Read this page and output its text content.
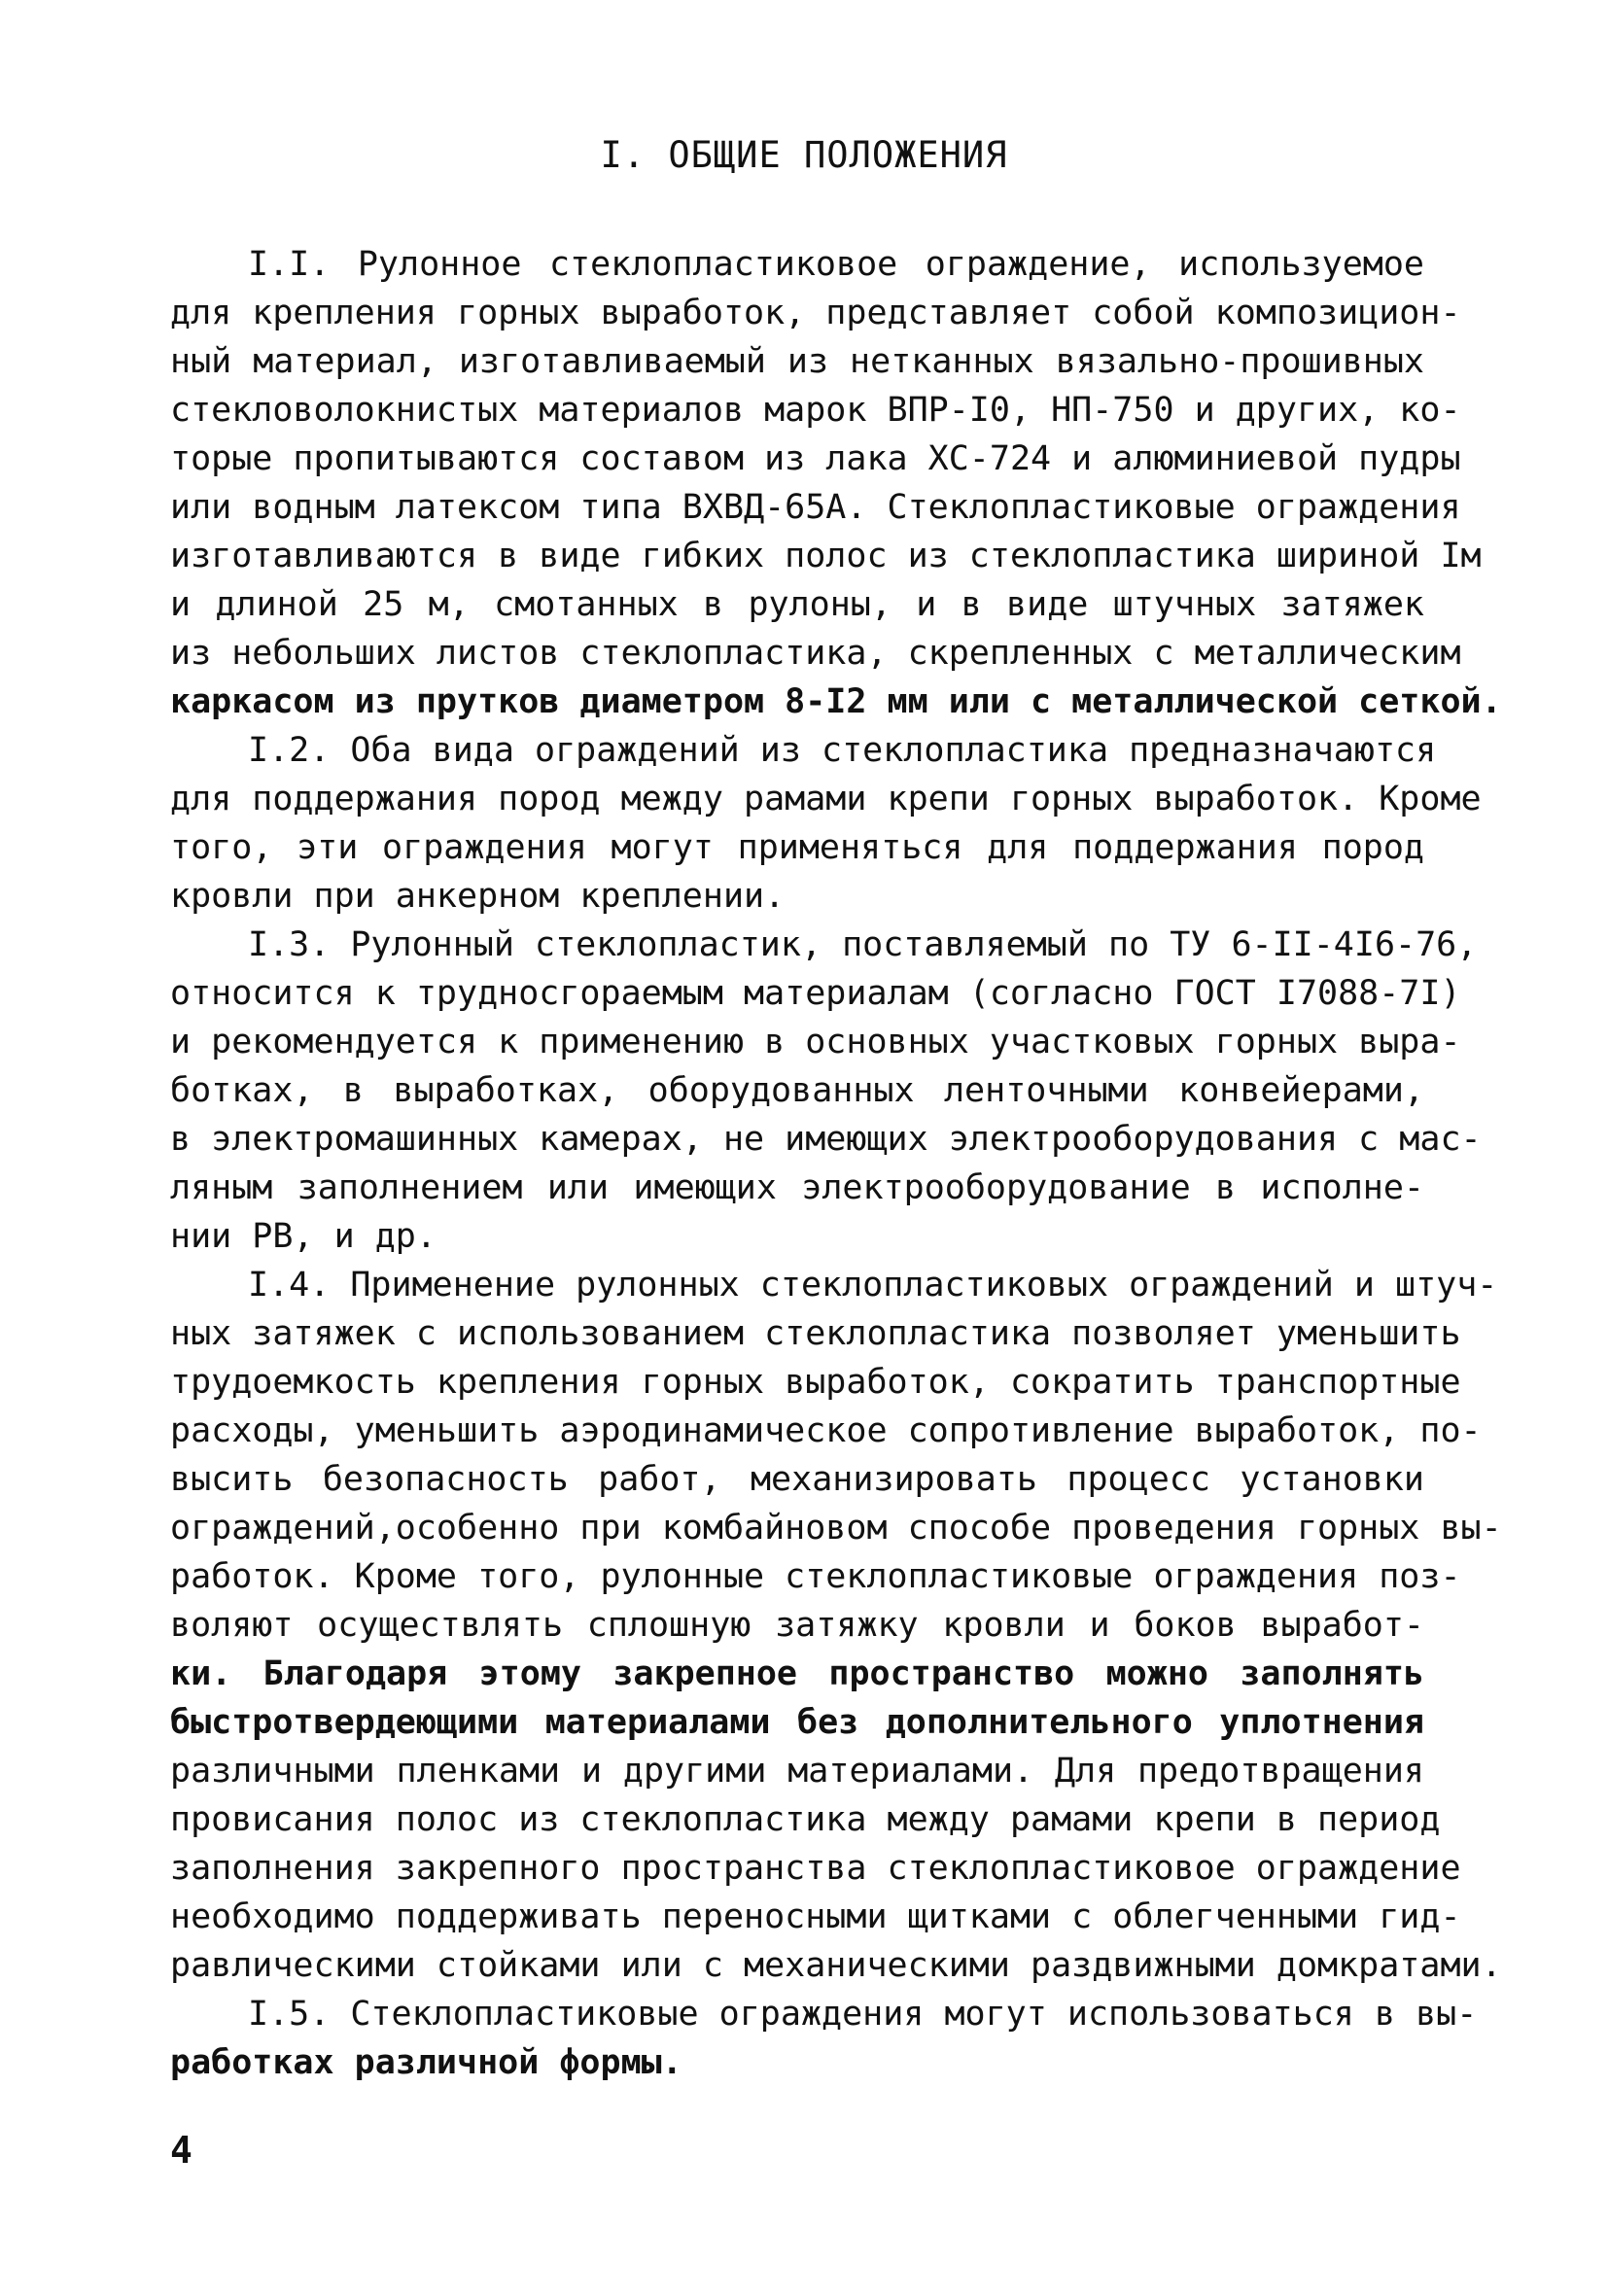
I. ОБЩИЕ ПОЛОЖЕНИЯ
I.I. Рулонное стеклопластиковое ограждение, используемое
для крепления горных выработок, представляет собой композицион-
ный материал, изготавливаемый из нетканных вязально-прошивных
стекловолокнистых материалов марок ВПР-I0, НП-750 и других, ко-
торые пропитываются составом из лака ХС-724 и алюминиевой пудры
или водным латексом типа ВХВД-65А. Стеклопластиковые ограждения
изготавливаются в виде гибких полос из стеклопластика шириной Iм
и длиной 25 м, смотанных в рулоны, и в виде штучных затяжек
из небольших листов стеклопластика, скрепленных с металлическим
каркасом из прутков диаметром 8-I2 мм или с металлической сеткой.
I.2. Оба вида ограждений из стеклопластика предназначаются
для поддержания пород между рамами крепи горных выработок. Кроме
того, эти ограждения могут применяться для поддержания пород
кровли при анкерном креплении.
I.3. Рулонный стеклопластик, поставляемый по ТУ 6-II-4I6-76,
относится к трудносгораемым материалам (согласно ГОСТ I7088-7I)
и рекомендуется к применению в основных участковых горных выра-
ботках, в выработках, оборудованных ленточными конвейерами,
в электромашинных камерах, не имеющих электрооборудования с мас-
ляным заполнением или имеющих электрооборудование в исполне-
нии РВ, и др.
I.4. Применение рулонных стеклопластиковых ограждений и штуч-
ных затяжек с использованием стеклопластика позволяет уменьшить
трудоемкость крепления горных выработок, сократить транспортные
расходы, уменьшить аэродинамическое сопротивление выработок, по-
высить безопасность работ, механизировать процесс установки
ограждений,особенно при комбайновом способе проведения горных вы-
работок. Кроме того, рулонные стеклопластиковые ограждения поз-
воляют осуществлять сплошную затяжку кровли и боков выработ-
ки. Благодаря этому закрепное пространство можно заполнять
быстротвердеющими материалами без дополнительного уплотнения
различными пленками и другими материалами. Для предотвращения
провисания полос из стеклопластика между рамами крепи в период
заполнения закрепного пространства стеклопластиковое ограждение
необходимо поддерживать переносными щитками с облегченными гид-
равлическими стойками или с механическими раздвижными домкратами.
I.5. Стеклопластиковые ограждения могут использоваться в вы-
работках различной формы.

4
